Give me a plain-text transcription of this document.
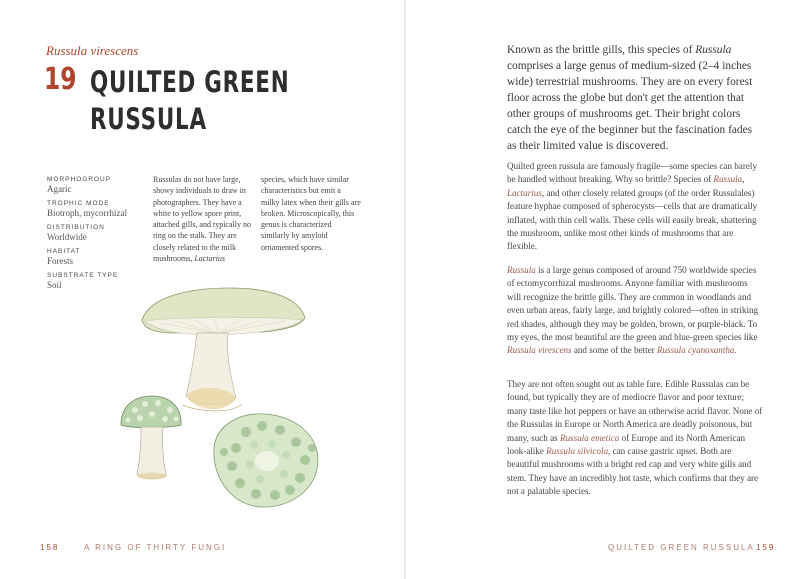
Russula virescens
19 QUILTED GREEN
RUSSULA
MORPHOGROUP
Agaric
TROPHIC MODE
Biotroph, mycorrhizal
DISTRIBUTION
Worldwide
HABITAT
Forests
SUBSTRATE TYPE
Soil
Russulas do not have large, showy individuals to draw in photographers. They have a white to yellow spore print, attached gills, and typically no ring on the stalk. They are closely related to the milk mushrooms, Lactarius
species, which have similar characteristics but emit a milky latex when their gills are broken. Microscopically, this genus is characterized similarly by amyloid ornamented spores.
158	A RING OF THIRTY FUNGI
Known as the brittle gills, this species of Russula comprises a large genus of medium-sized (2–4 inches wide) terrestrial mushrooms. They are on every forest floor across the globe but don't get the attention that other groups of mushrooms get. Their bright colors catch the eye of the beginner but the fascination fades as their limited value is discovered.
Quilted green russula are famously fragile—some species can barely be handled without breaking. Why so brittle? Species of Russula, Lactarius, and other closely related groups (of the order Russulales) feature hyphae composed of spherocysts—cells that are dramatically inflated, with thin cell walls. These cells will easily break, shattering the mushroom, unlike most other kinds of mushrooms that are flexible.
Russula is a large genus composed of around 750 worldwide species of ectomycorrhizal mushrooms. Anyone familiar with mushrooms will recognize the brittle gills. They are common in woodlands and even urban areas, fairly large, and brightly colored—often in striking red shades, although they may be golden, brown, or purple-black. To my eyes, the most beautiful are the green and blue-green species like Russula virescens and some of the better Russula cyanoxantha.
They are not often sought out as table fare. Edible Russulas can be found, but typically they are of mediocre flavor and poor texture; many taste like hot peppers or have an otherwise acrid flavor. None of the Russulas in Europe or North America are deadly poisonous, but many, such as Russula emetica of Europe and its North American look-alike Russula silvicola, can cause gastric upset. Both are beautiful mushrooms with a bright red cap and very white gills and stem. They have an incredibly hot taste, which confirms that they are not a palatable species.
QUILTED GREEN RUSSULA 159
